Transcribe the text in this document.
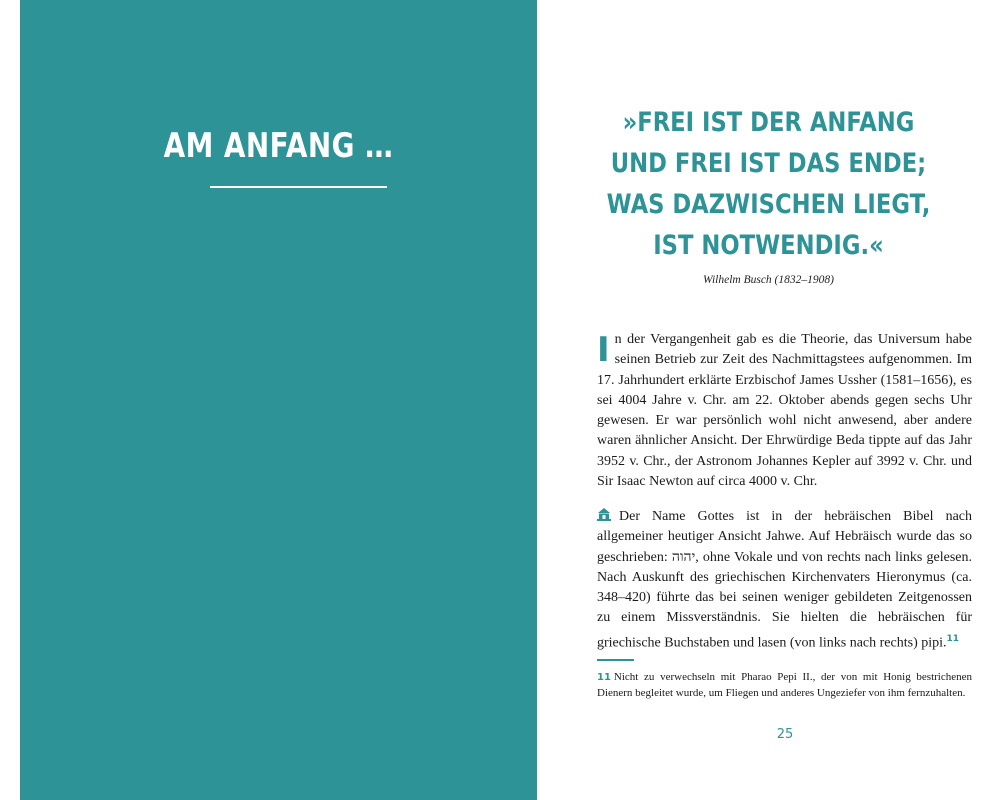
AM ANFANG …
»FREI IST DER ANFANG
UND FREI IST DAS ENDE;
WAS DAZWISCHEN LIEGT,
IST NOTWENDIG.«
Wilhelm Busch (1832–1908)

In der Vergangenheit gab es die Theorie, das Universum habe seinen Betrieb zur Zeit des Nachmittagstees aufgenommen. Im 17. Jahrhundert erklärte Erzbischof James Ussher (1581–1656), es sei 4004 Jahre v. Chr. am 22. Oktober abends gegen sechs Uhr gewesen. Er war persönlich wohl nicht anwesend, aber andere waren ähnlicher Ansicht. Der Ehrwürdige Beda tippte auf das Jahr 3952 v. Chr., der Astronom Johannes Kepler auf 3992 v. Chr. und Sir Isaac Newton auf circa 4000 v. Chr.

Der Name Gottes ist in der hebräischen Bibel nach allgemeiner heutiger Ansicht Jahwe. Auf Hebräisch wurde das so geschrieben: יהוה, ohne Vokale und von rechts nach links gelesen. Nach Auskunft des griechischen Kirchenvaters Hieronymus (ca. 348–420) führte das bei seinen weniger gebildeten Zeitgenossen zu einem Missverständnis. Sie hielten die hebräischen für griechische Buchstaben und lasen (von links nach rechts) pipi.$^{11}$

11 Nicht zu verwechseln mit Pharao Pepi II., der von mit Honig bestrichenen Dienern begleitet wurde, um Fliegen und anderes Ungeziefer von ihm fernzuhalten.

25
